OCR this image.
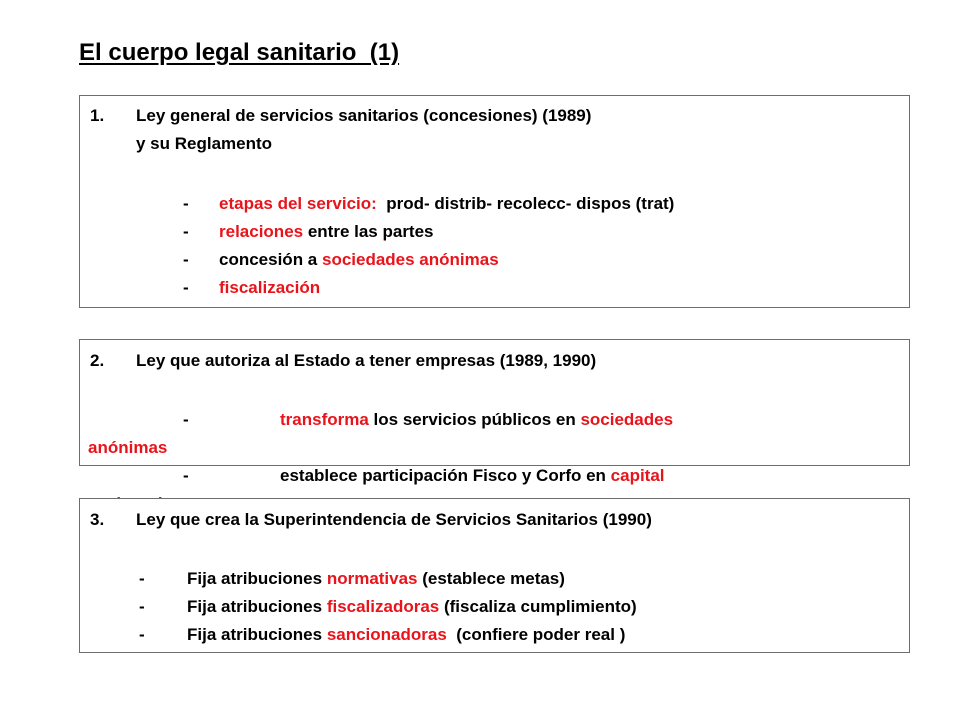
El cuerpo legal sanitario  (1)
1. Ley general de servicios sanitarios (concesiones) (1989)
y su Reglamento
- etapas del servicio:  prod- distrib- recolecc- dispos (trat)
- relaciones entre las partes
- concesión a sociedades anónimas
- fiscalización
2. Ley que autoriza al Estado a tener empresas (1989, 1990)
-	transforma los servicios públicos en sociedades
anónimas
-	establece participación Fisco y Corfo en capital
3. Ley que crea la Superintendencia de Servicios Sanitarios (1990)
- Fija atribuciones normativas (establece metas)
- Fija atribuciones fiscalizadoras (fiscaliza cumplimiento)
- Fija atribuciones sancionadoras  (confiere poder real )
